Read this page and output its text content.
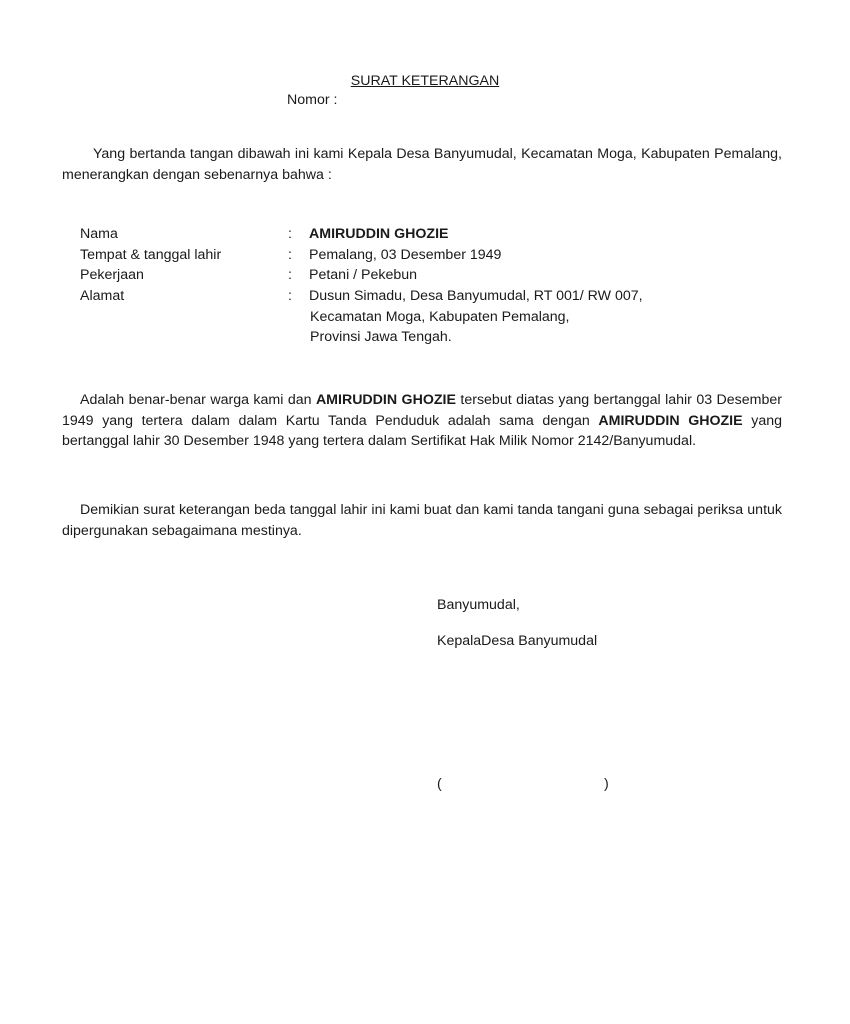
SURAT KETERANGAN
Nomor :
Yang bertanda tangan dibawah ini kami Kepala Desa Banyumudal, Kecamatan Moga, Kabupaten Pemalang, menerangkan dengan sebenarnya bahwa :
Nama	: AMIRUDDIN GHOZIE
Tempat & tanggal lahir	: Pemalang, 03 Desember 1949
Pekerjaan	: Petani / Pekebun
Alamat	: Dusun Simadu, Desa Banyumudal, RT 001/ RW 007,
Kecamatan Moga, Kabupaten Pemalang,
Provinsi Jawa Tengah.
Adalah benar-benar warga kami dan AMIRUDDIN GHOZIE tersebut diatas yang bertanggal lahir 03 Desember 1949 yang tertera dalam dalam Kartu Tanda Penduduk adalah sama dengan AMIRUDDIN GHOZIE yang bertanggal lahir 30 Desember 1948 yang tertera dalam Sertifikat Hak Milik Nomor 2142/Banyumudal.
Demikian surat keterangan beda tanggal lahir ini kami buat dan kami tanda tangani guna sebagai periksa untuk dipergunakan sebagaimana mestinya.
Banyumudal,
KepalaDesa Banyumudal
(	)
